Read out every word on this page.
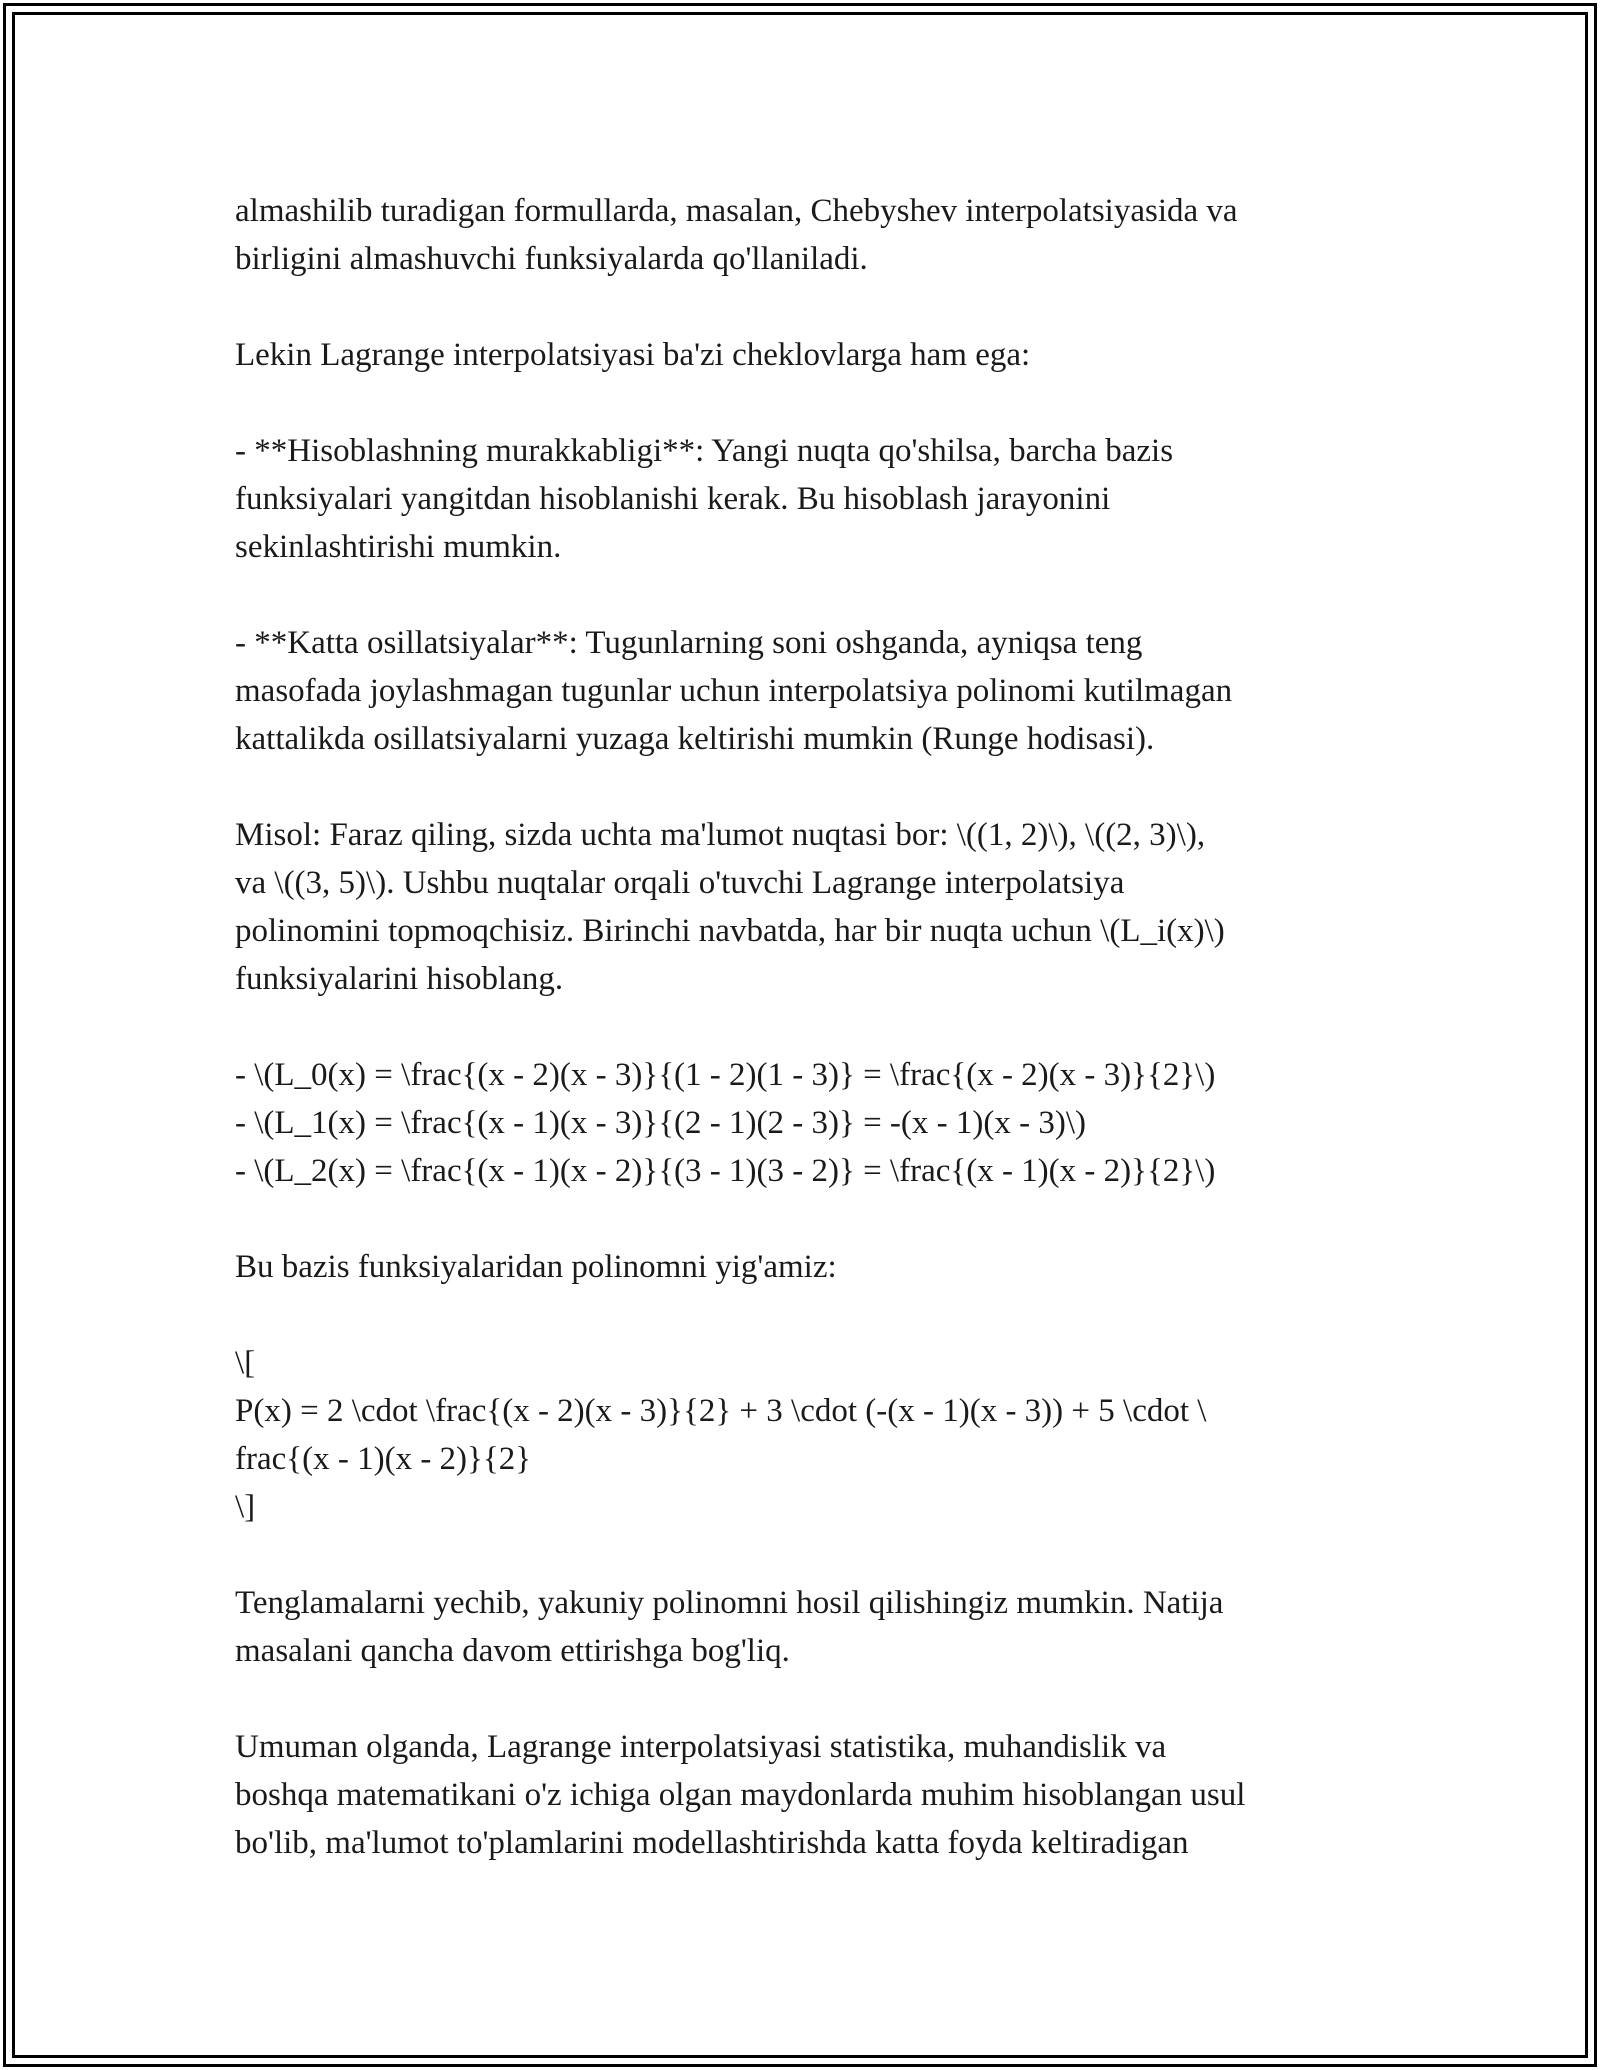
almashilib turadigan formullarda, masalan, Chebyshev interpolatsiyasida va
birligini almashuvchi funksiyalarda qo'llaniladi.
Lekin Lagrange interpolatsiyasi ba'zi cheklovlarga ham ega:
- **Hisoblashning murakkabligi**: Yangi nuqta qo'shilsa, barcha bazis
funksiyalari yangitdan hisoblanishi kerak. Bu hisoblash jarayonini
sekinlashtirishi mumkin.
- **Katta osillatsiyalar**: Tugunlarning soni oshganda, ayniqsa teng
masofada joylashmagan tugunlar uchun interpolatsiya polinomi kutilmagan
kattalikda osillatsiyalarni yuzaga keltirishi mumkin (Runge hodisasi).
Misol: Faraz qiling, sizda uchta ma'lumot nuqtasi bor: \((1, 2)\), \((2, 3)\),
va \((3, 5)\). Ushbu nuqtalar orqali o'tuvchi Lagrange interpolatsiya
polinomini topmoqchisiz. Birinchi navbatda, har bir nuqta uchun \(L_i(x)\)
funksiyalarini hisoblang.
- \(L_0(x) = \frac{(x - 2)(x - 3)}{(1 - 2)(1 - 3)} = \frac{(x - 2)(x - 3)}{2}\)
- \(L_1(x) = \frac{(x - 1)(x - 3)}{(2 - 1)(2 - 3)} = -(x - 1)(x - 3)\)
- \(L_2(x) = \frac{(x - 1)(x - 2)}{(3 - 1)(3 - 2)} = \frac{(x - 1)(x - 2)}{2}\)
Bu bazis funksiyalaridan polinomni yig'amiz:
\[
P(x) = 2 \cdot \frac{(x - 2)(x - 3)}{2} + 3 \cdot (-(x - 1)(x - 3)) + 5 \cdot \
frac{(x - 1)(x - 2)}{2}
\]
Tenglamalarni yechib, yakuniy polinomni hosil qilishingiz mumkin. Natija
masalani qancha davom ettirishga bog'liq.
Umuman olganda, Lagrange interpolatsiyasi statistika, muhandislik va
boshqa matematikani o'z ichiga olgan maydonlarda muhim hisoblangan usul
bo'lib, ma'lumot to'plamlarini modellashtirishda katta foyda keltiradigan
